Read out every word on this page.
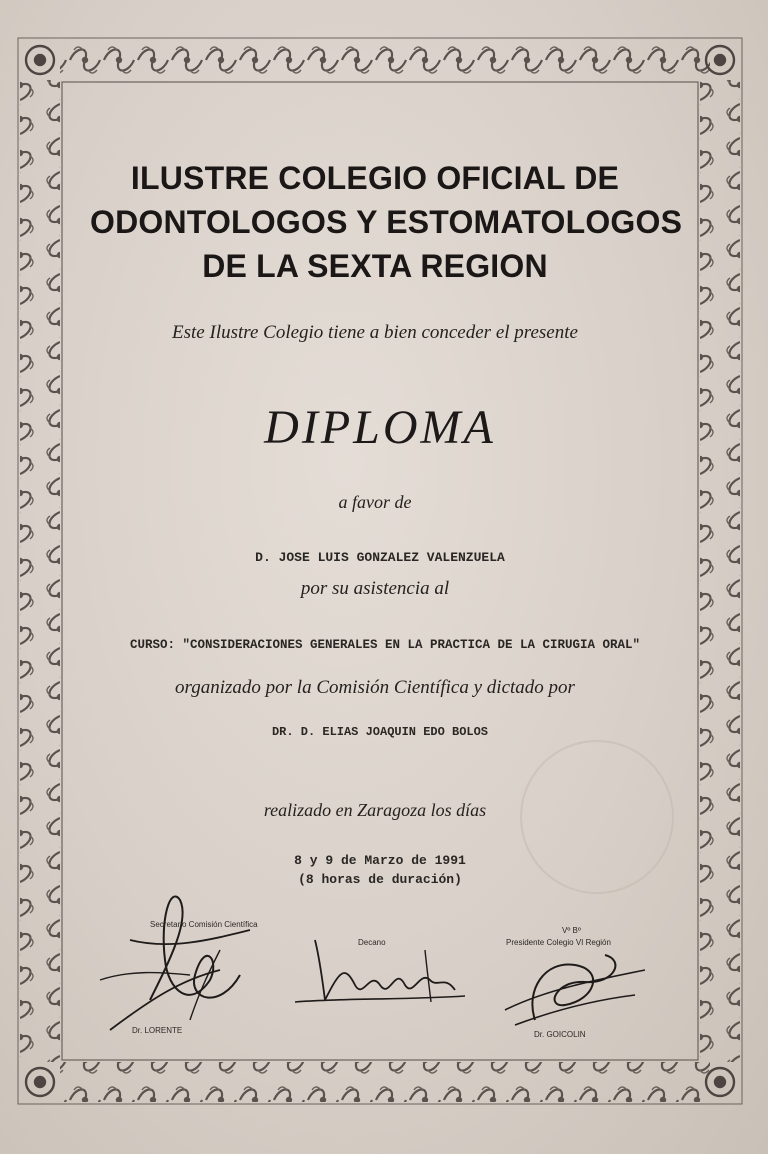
ILUSTRE COLEGIO OFICIAL DE
ODONTOLOGOS Y ESTOMATOLOGOS
DE LA SEXTA REGION
Este Ilustre Colegio tiene a bien conceder el presente
DIPLOMA
a favor de
D. JOSE LUIS GONZALEZ VALENZUELA
por su asistencia al
CURSO: "CONSIDERACIONES GENERALES EN LA PRACTICA DE LA CIRUGIA ORAL"
organizado por la Comisión Científica y dictado por
DR. D. ELIAS JOAQUIN EDO BOLOS
realizado en Zaragoza los días
8 y 9 de Marzo de 1991
(8 horas de duración)
Secretario Comisión Científica
Dr. LORENTE
Decano
Vº Bº
Presidente Colegio VI Región
Dr. GOICOLIN
